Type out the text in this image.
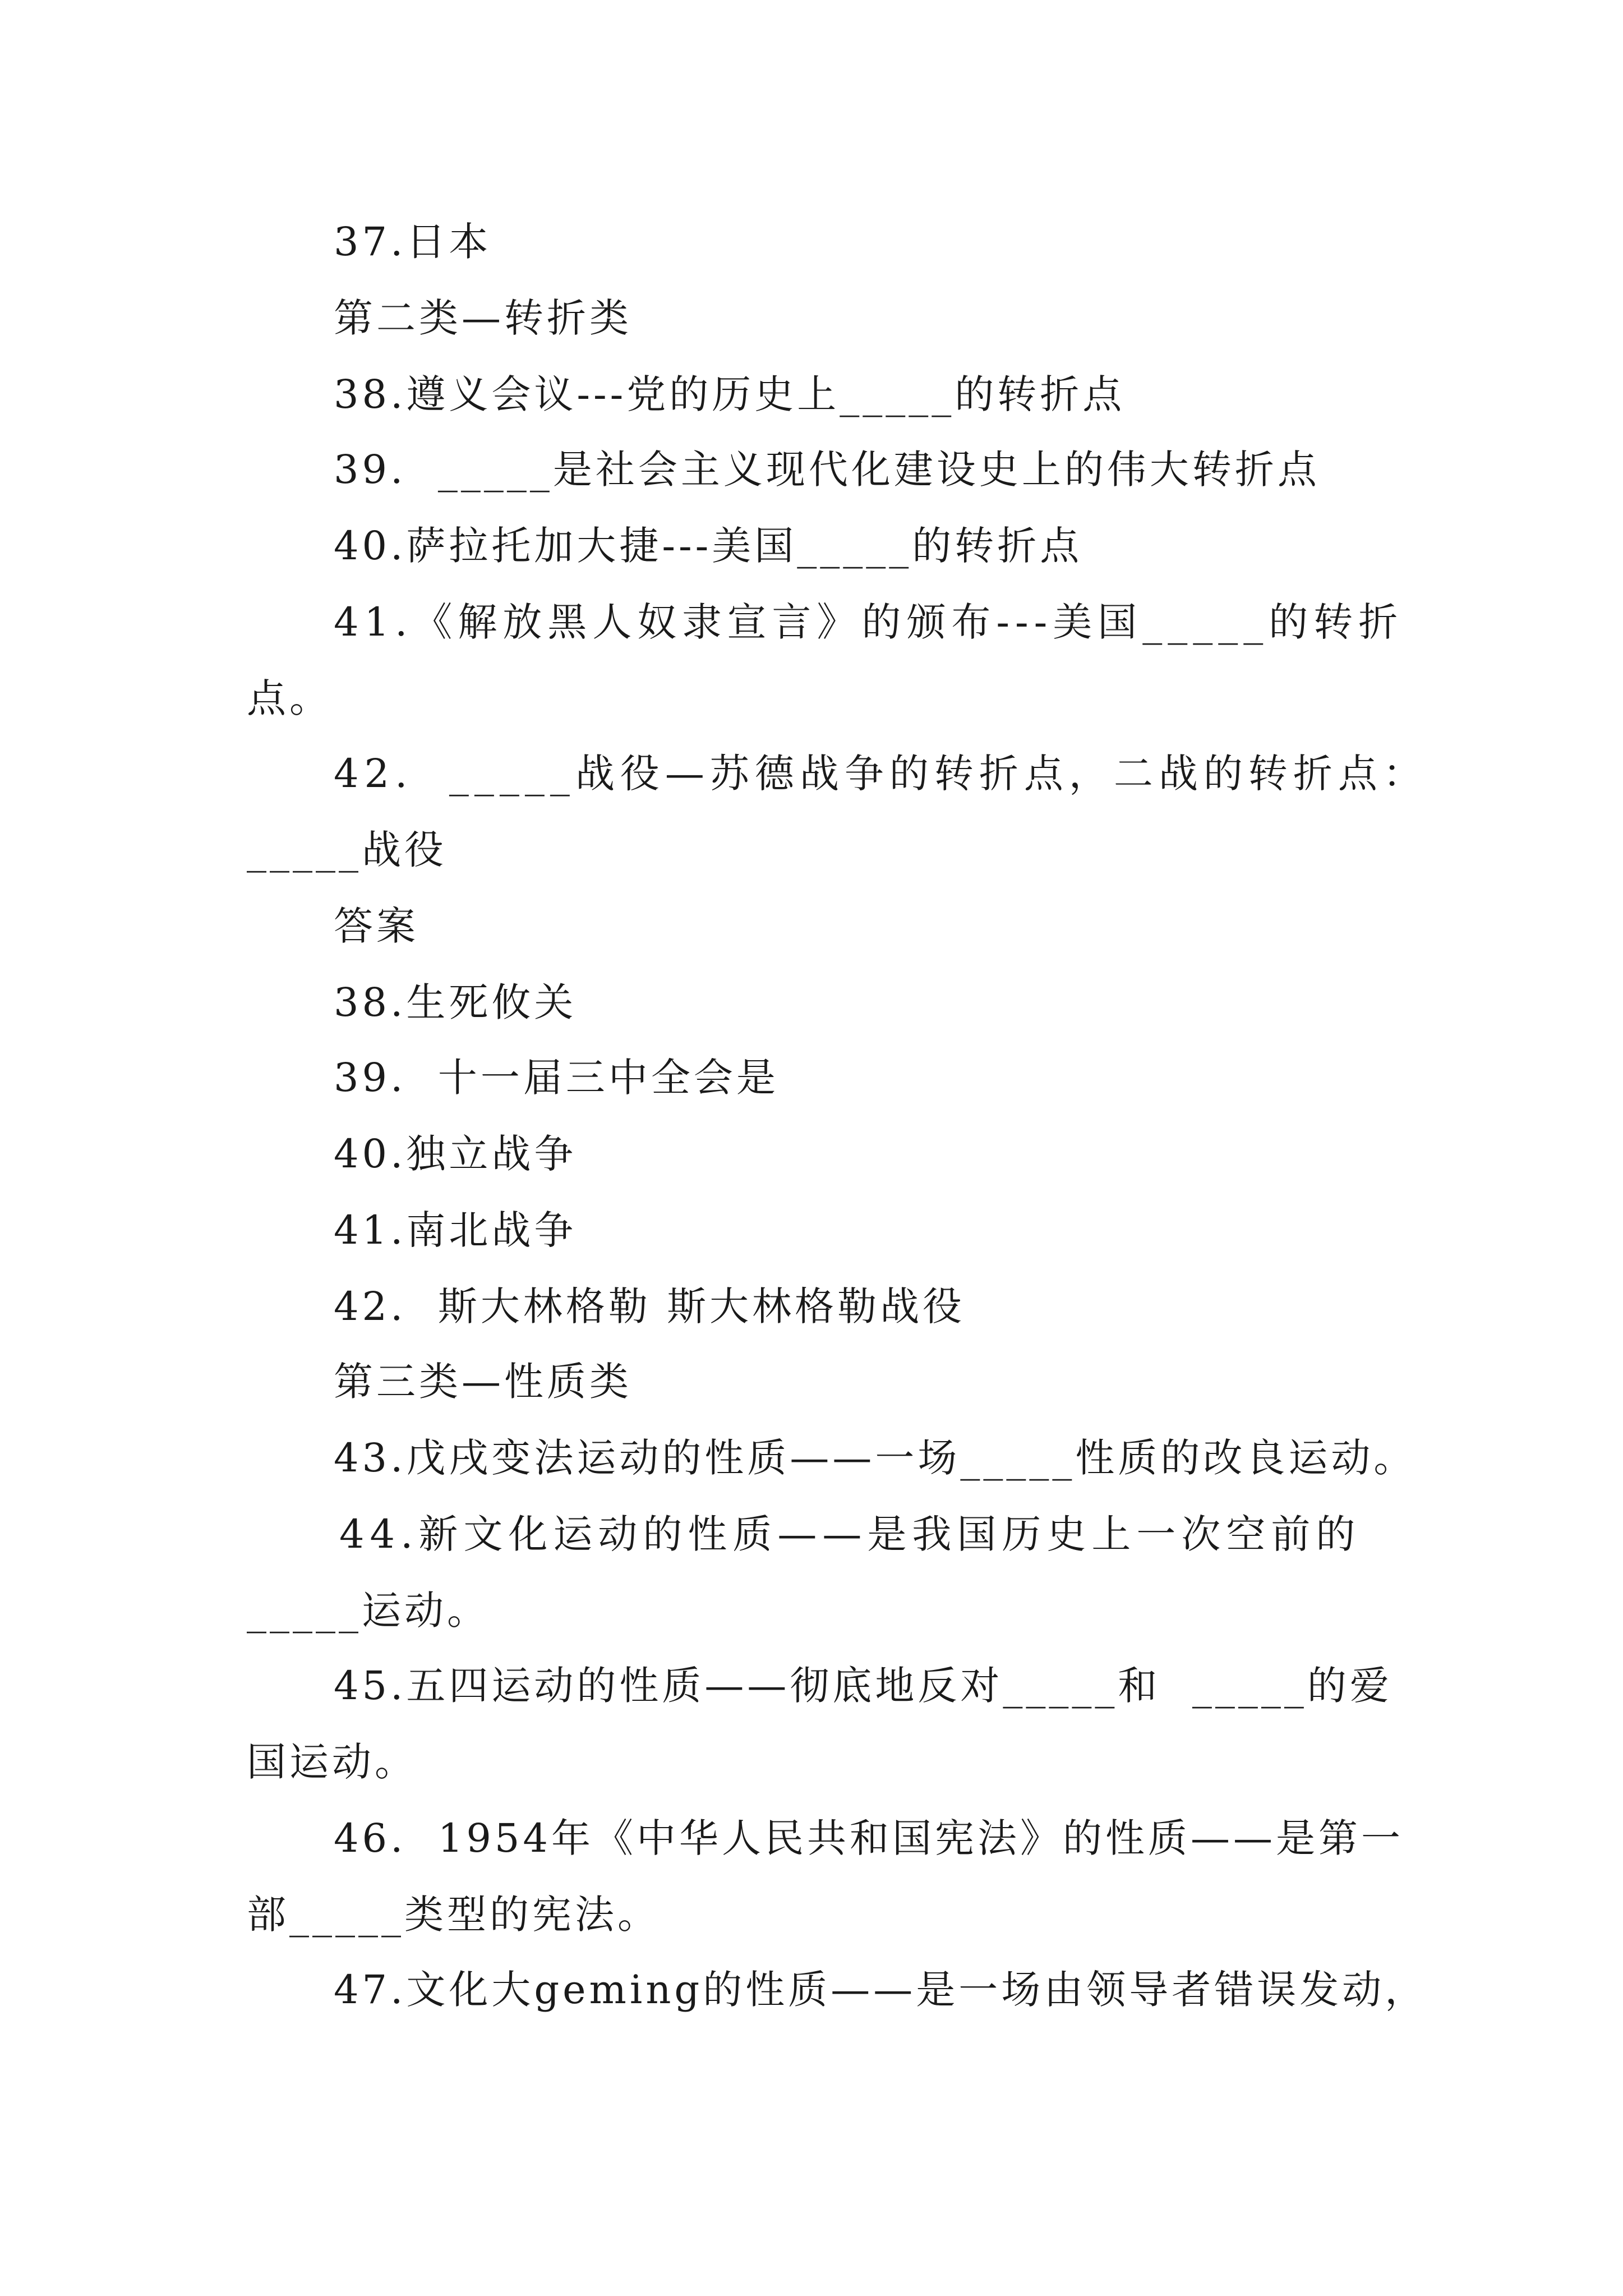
37.日本
第二类—转折类
38.遵义会议---党的历史上_____的转折点
39.  _____是社会主义现代化建设史上的伟大转折点
40.萨拉托加大捷---美国_____的转折点
41.《解放黑人奴隶宣言》的颁布---美国_____的转折
点。
42.  _____战役—苏德战争的转折点，二战的转折点：
_____战役
答案
38.生死攸关
39.  十一届三中全会是
40.独立战争
41.南北战争
42.  斯大林格勒 斯大林格勒战役
第三类—性质类
43.戊戌变法运动的性质——一场_____性质的改良运动。
44.新文化运动的性质——是我国历史上一次空前的
_____运动。
45.五四运动的性质——彻底地反对_____和  _____的爱
国运动。
46.  1954年《中华人民共和国宪法》的性质——是第一
部_____类型的宪法。
47.文化大geming的性质——是一场由领导者错误发动，
